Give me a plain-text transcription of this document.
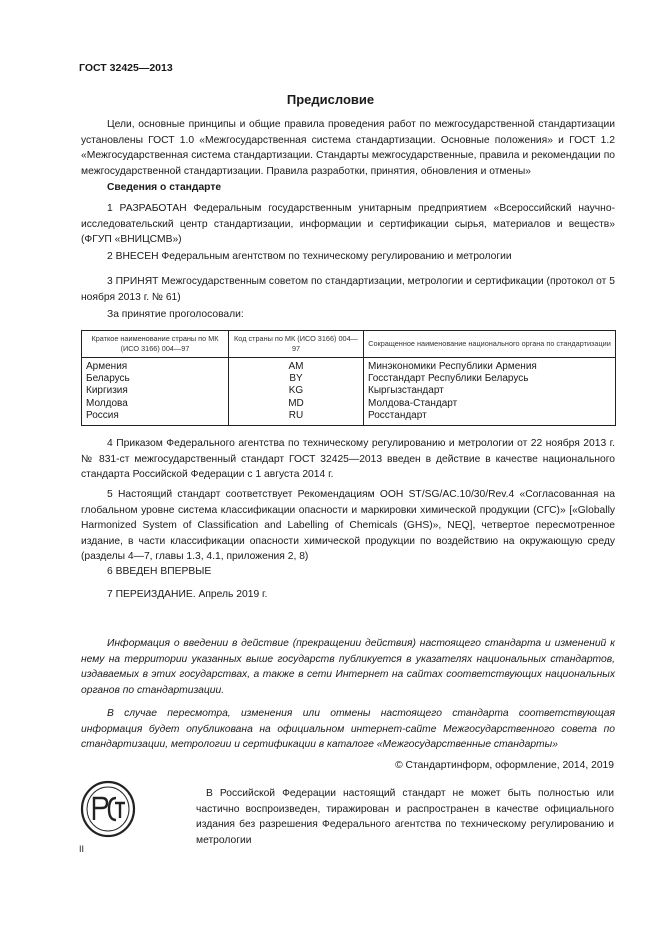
ГОСТ 32425—2013
Предисловие
Цели, основные принципы и общие правила проведения работ по межгосударственной стандартизации установлены ГОСТ 1.0 «Межгосударственная система стандартизации. Основные положения» и ГОСТ 1.2 «Межгосударственная система стандартизации. Стандарты межгосударственные, правила и рекомендации по межгосударственной стандартизации. Правила разработки, принятия, обновления и отмены»
Сведения о стандарте
1 РАЗРАБОТАН Федеральным государственным унитарным предприятием «Всероссийский научно-исследовательский центр стандартизации, информации и сертификации сырья, материалов и веществ» (ФГУП «ВНИЦСМВ»)
2 ВНЕСЕН Федеральным агентством по техническому регулированию и метрологии
3 ПРИНЯТ Межгосударственным советом по стандартизации, метрологии и сертификации (протокол от 5 ноября 2013 г. № 61)
За принятие проголосовали:
Краткое наименование страны по МК (ИСО 3166) 004—97	Код страны по МК (ИСО 3166) 004—97	Сокращенное наименование национального органа по стандартизации
Армения	AM	Минэкономики Республики Армения
Беларусь	BY	Госстандарт Республики Беларусь
Киргизия	KG	Кыргызстандарт
Молдова	MD	Молдова-Стандарт
Россия	RU	Росстандарт
4 Приказом Федерального агентства по техническому регулированию и метрологии от 22 ноября 2013 г. № 831-ст межгосударственный стандарт ГОСТ 32425—2013 введен в действие в качестве национального стандарта Российской Федерации с 1 августа 2014 г.
5 Настоящий стандарт соответствует Рекомендациям ООН ST/SG/AC.10/30/Rev.4 «Согласованная на глобальном уровне система классификации опасности и маркировки химической продукции (СГС)» [«Globally Harmonized System of Classification and Labelling of Chemicals (GHS)», NEQ], четвертое пересмотренное издание, в части классификации опасности химической продукции по воздействию на окружающую среду (разделы 4—7, главы 1.3, 4.1, приложения 2, 8)
6 ВВЕДЕН ВПЕРВЫЕ
7 ПЕРЕИЗДАНИЕ. Апрель 2019 г.
Информация о введении в действие (прекращении действия) настоящего стандарта и изменений к нему на территории указанных выше государств публикуется в указателях национальных стандартов, издаваемых в этих государствах, а также в сети Интернет на сайтах соответствующих национальных органов по стандартизации.
В случае пересмотра, изменения или отмены настоящего стандарта соответствующая информация будет опубликована на официальном интернет-сайте Межгосударственного совета по стандартизации, метрологии и сертификации в каталоге «Межгосударственные стандарты»
© Стандартинформ, оформление, 2014, 2019
В Российской Федерации настоящий стандарт не может быть полностью или частично воспроизведен, тиражирован и распространен в качестве официального издания без разрешения Федерального агентства по техническому регулированию и метрологии
II
